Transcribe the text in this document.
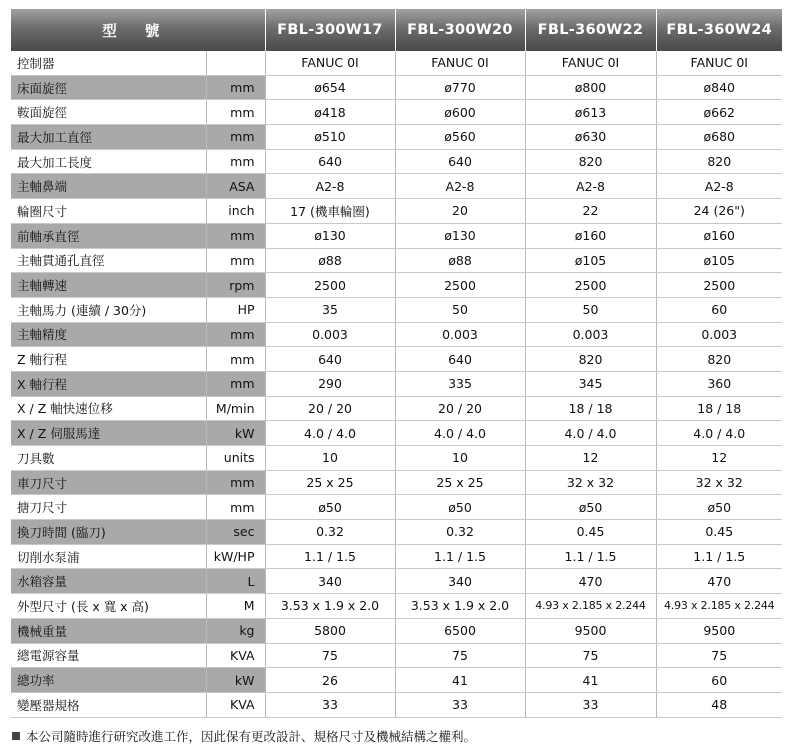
型號		FBL-300W17	FBL-300W20	FBL-360W22	FBL-360W24
控制器		FANUC 0I	FANUC 0I	FANUC 0I	FANUC 0I
床面旋徑	mm	ø654	ø770	ø800	ø840
鞍面旋徑	mm	ø418	ø600	ø613	ø662
最大加工直徑	mm	ø510	ø560	ø630	ø680
最大加工長度	mm	640	640	820	820
主軸鼻端	ASA	A2-8	A2-8	A2-8	A2-8
輪圈尺寸	inch	17 (機車輪圈)	20	22	24 (26")
前軸承直徑	mm	ø130	ø130	ø160	ø160
主軸貫通孔直徑	mm	ø88	ø88	ø105	ø105
主軸轉速	rpm	2500	2500	2500	2500
主軸馬力 (連續 / 30分)	HP	35	50	50	60
主軸精度	mm	0.003	0.003	0.003	0.003
Z 軸行程	mm	640	640	820	820
X 軸行程	mm	290	335	345	360
X / Z 軸快速位移	M/min	20 / 20	20 / 20	18 / 18	18 / 18
X / Z 伺服馬達	kW	4.0 / 4.0	4.0 / 4.0	4.0 / 4.0	4.0 / 4.0
刀具數	units	10	10	12	12
車刀尺寸	mm	25 x 25	25 x 25	32 x 32	32 x 32
搪刀尺寸	mm	ø50	ø50	ø50	ø50
換刀時間 (臨刀)	sec	0.32	0.32	0.45	0.45
切削水泵浦	kW/HP	1.1 / 1.5	1.1 / 1.5	1.1 / 1.5	1.1 / 1.5
水箱容量	L	340	340	470	470
外型尺寸 (長 x 寬 x 高)	M	3.53 x 1.9 x 2.0	3.53 x 1.9 x 2.0	4.93 x 2.185 x 2.244	4.93 x 2.185 x 2.244
機械重量	kg	5800	6500	9500	9500
總電源容量	KVA	75	75	75	75
總功率	kW	26	41	41	60
變壓器規格	KVA	33	33	33	48
本公司隨時進行研究改進工作，因此保有更改設計、規格尺寸及機械結構之權利。
